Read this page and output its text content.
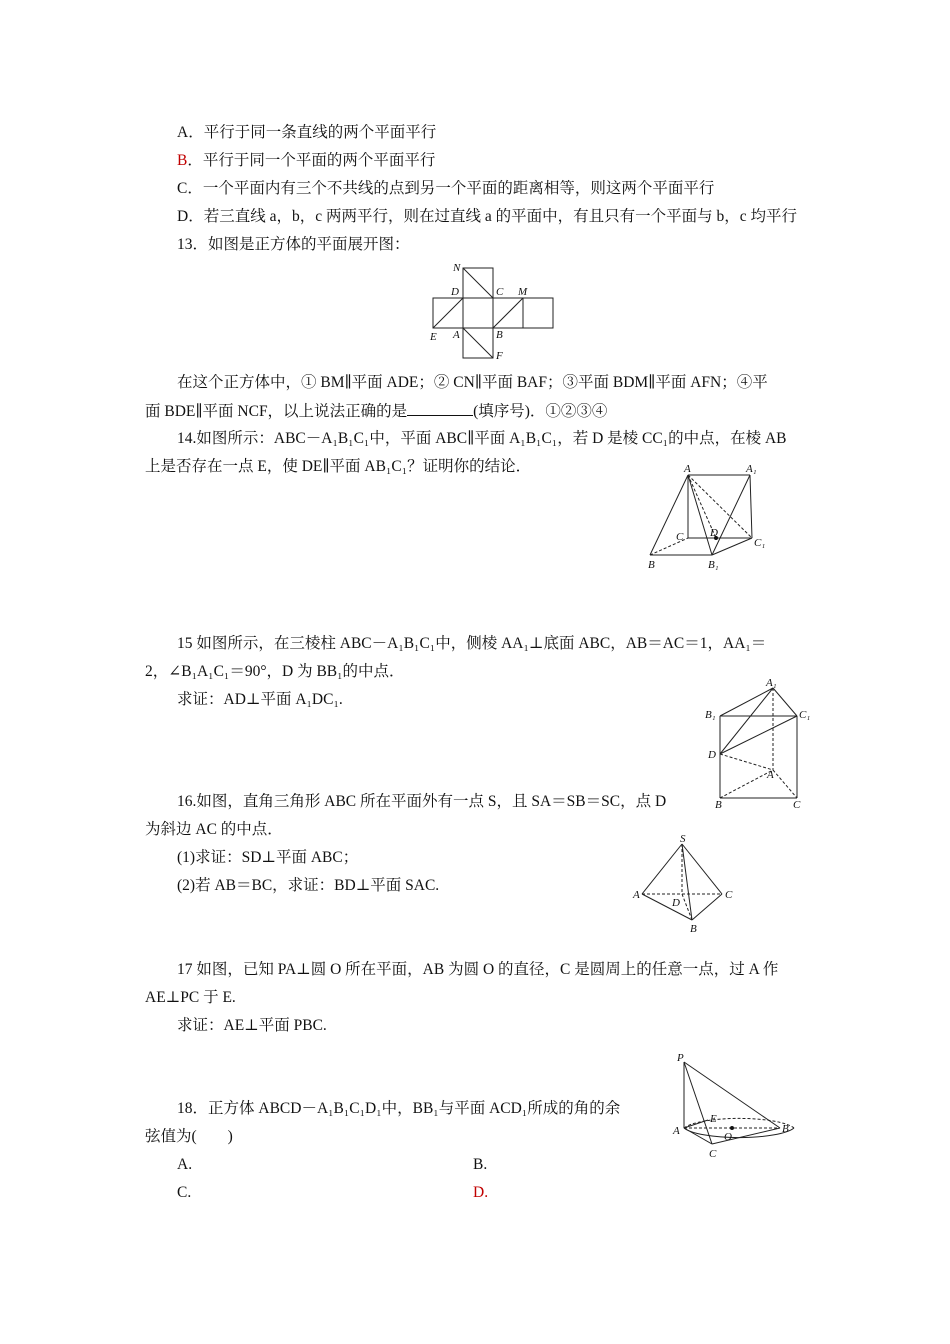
A．平行于同一条直线的两个平面平行
B．平行于同一个平面的两个平面平行
C．一个平面内有三个不共线的点到另一个平面的距离相等，则这两个平面平行
D．若三直线 a，b，c 两两平行，则在过直线 a 的平面中，有且只有一个平面与 b，c 均平行
13．如图是正方体的平面展开图：
N
D	C M
E A	B
F
在这个正方体中，① BM∥平面 ADE；② CN∥平面 BAF；③平面 BDM∥平面 AFN；④平
面 BDE∥平面 NCF，以上说法正确的是	(填序号)．①②③④
14.如图所示：ABC－A₁B₁C₁中，平面 ABC∥平面 A₁B₁C₁，若 D 是棱 CC₁的中点，在棱 AB
上是否存在一点 E，使 DE∥平面 AB₁C₁？证明你的结论．	A	A₁
C D
C₁
B	B₁
15 如图所示，在三棱柱 ABC－A₁B₁C₁中，侧棱 AA₁⊥底面 ABC，AB＝AC＝1，AA₁＝
2，∠B₁A₁C₁＝90°，D 为 BB₁的中点．
求证：AD⊥平面 A₁DC₁.
A₁
B₁	C₁
D
A
B	C
16.如图，直角三角形 ABC 所在平面外有一点 S，且 SA＝SB＝SC，点 D
为斜边 AC 的中点．
(1)求证：SD⊥平面 ABC；
(2)若 AB＝BC，求证：BD⊥平面 SAC.
S
A	C
D
B
17 如图，已知 PA⊥圆 O 所在平面，AB 为圆 O 的直径，C 是圆周上的任意一点，过 A 作
AE⊥PC 于 E.
求证：AE⊥平面 PBC.
P
E
A	O
B
C
18．正方体 ABCD－A₁B₁C₁D₁中，BB₁与平面 ACD₁所成的角的余
弦值为(　　)
A.	B.
C.	D.
